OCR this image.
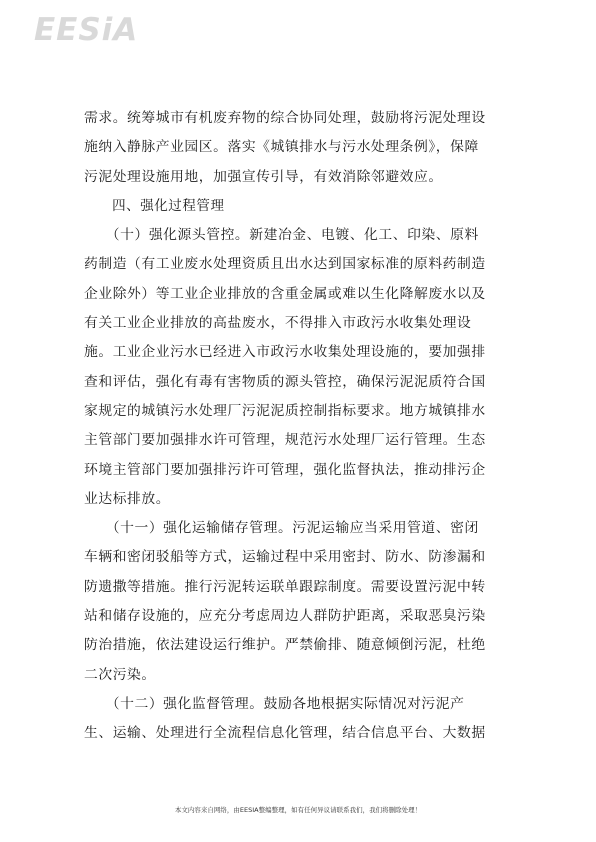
EESiA
需求。统筹城市有机废弃物的综合协同处理，鼓励将污泥处理设
施纳入静脉产业园区。落实《城镇排水与污水处理条例》，保障
污泥处理设施用地，加强宣传引导，有效消除邻避效应。
　　四、强化过程管理
　　（十）强化源头管控。新建冶金、电镀、化工、印染、原料
药制造（有工业废水处理资质且出水达到国家标准的原料药制造
企业除外）等工业企业排放的含重金属或难以生化降解废水以及
有关工业企业排放的高盐废水，不得排入市政污水收集处理设
施。工业企业污水已经进入市政污水收集处理设施的，要加强排
查和评估，强化有毒有害物质的源头管控，确保污泥泥质符合国
家规定的城镇污水处理厂污泥泥质控制指标要求。地方城镇排水
主管部门要加强排水许可管理，规范污水处理厂运行管理。生态
环境主管部门要加强排污许可管理，强化监督执法，推动排污企
业达标排放。
　　（十一）强化运输储存管理。污泥运输应当采用管道、密闭
车辆和密闭驳船等方式，运输过程中采用密封、防水、防渗漏和
防遗撒等措施。推行污泥转运联单跟踪制度。需要设置污泥中转
站和储存设施的，应充分考虑周边人群防护距离，采取恶臭污染
防治措施，依法建设运行维护。严禁偷排、随意倾倒污泥，杜绝
二次污染。
　　（十二）强化监督管理。鼓励各地根据实际情况对污泥产
生、运输、处理进行全流程信息化管理，结合信息平台、大数据
本文内容来自网络，由EESIA整编整理，如有任何异议请联系我们，我们将删除处理！
